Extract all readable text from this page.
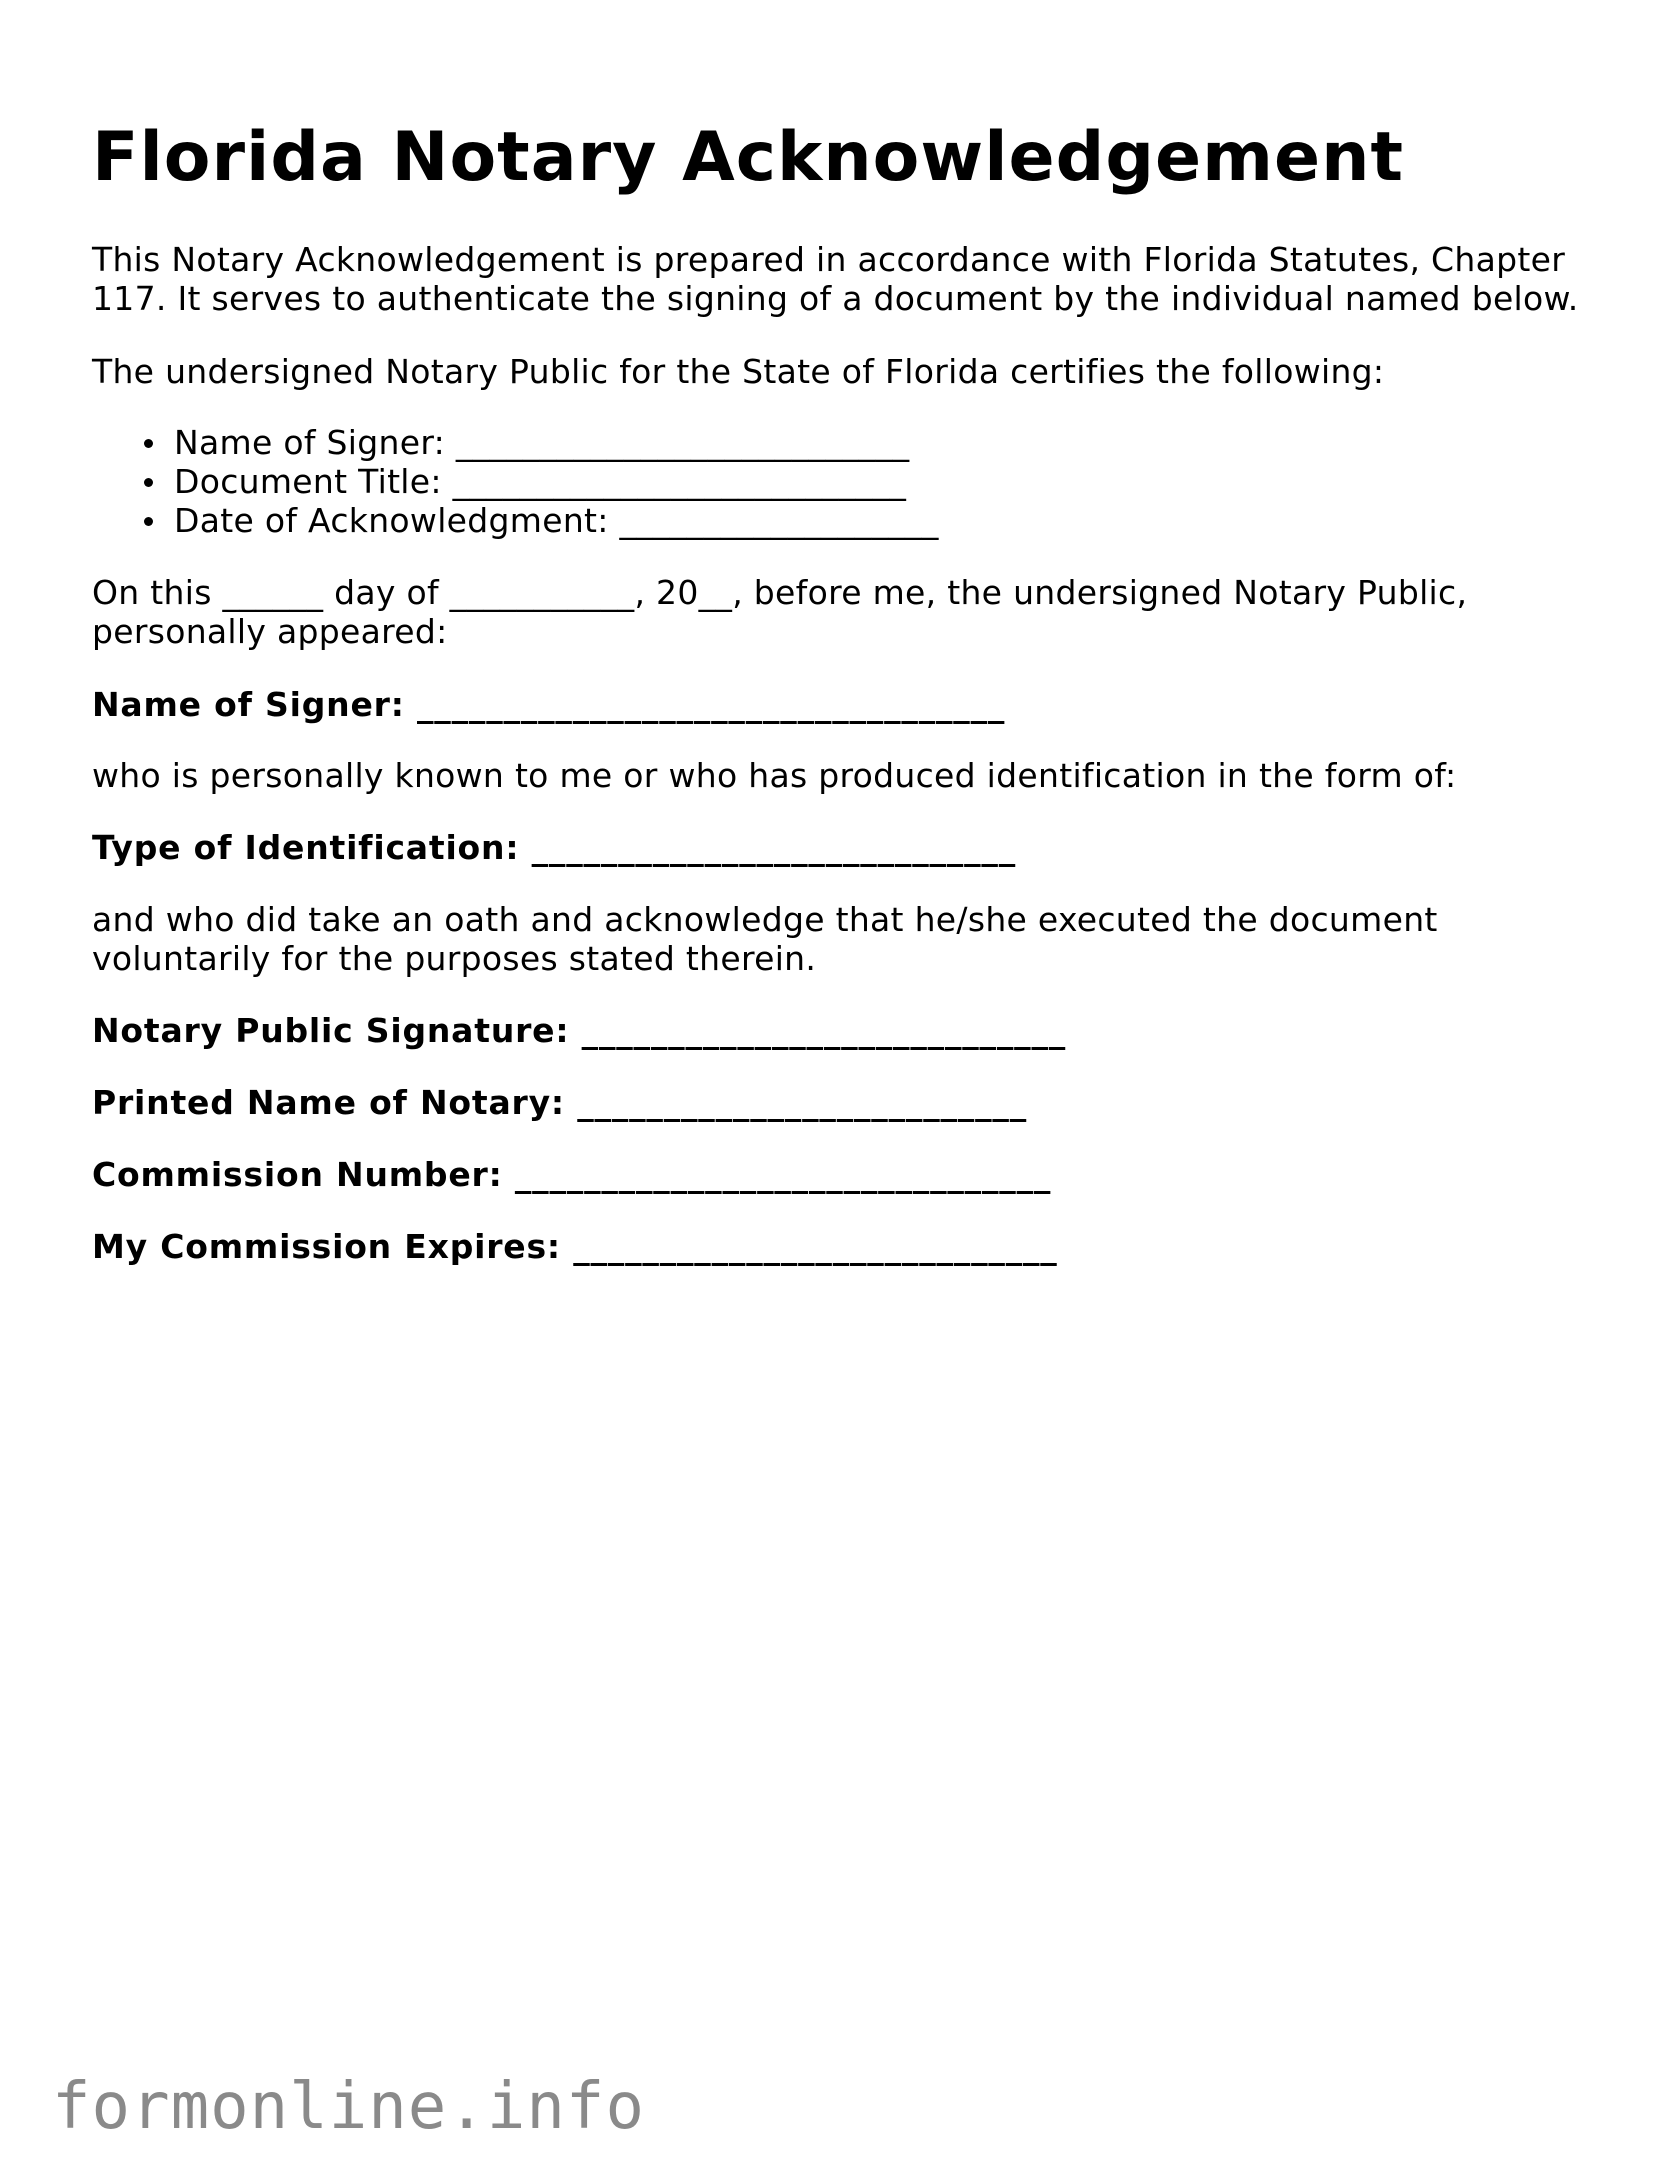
Florida Notary Acknowledgement

This Notary Acknowledgement is prepared in accordance with Florida Statutes, Chapter 117. It serves to authenticate the signing of a document by the individual named below.

The undersigned Notary Public for the State of Florida certifies the following:

Name of Signer: ___________________________
Document Title: ___________________________
Date of Acknowledgment: ___________________

On this ______ day of ___________, 20__, before me, the undersigned Notary Public, personally appeared:

Name of Signer: __________________________________

who is personally known to me or who has produced identification in the form of:

Type of Identification: ____________________________

and who did take an oath and acknowledge that he/she executed the document voluntarily for the purposes stated therein.

Notary Public Signature: ____________________________

Printed Name of Notary: __________________________

Commission Number: _______________________________

My Commission Expires: ____________________________

formonline.info
